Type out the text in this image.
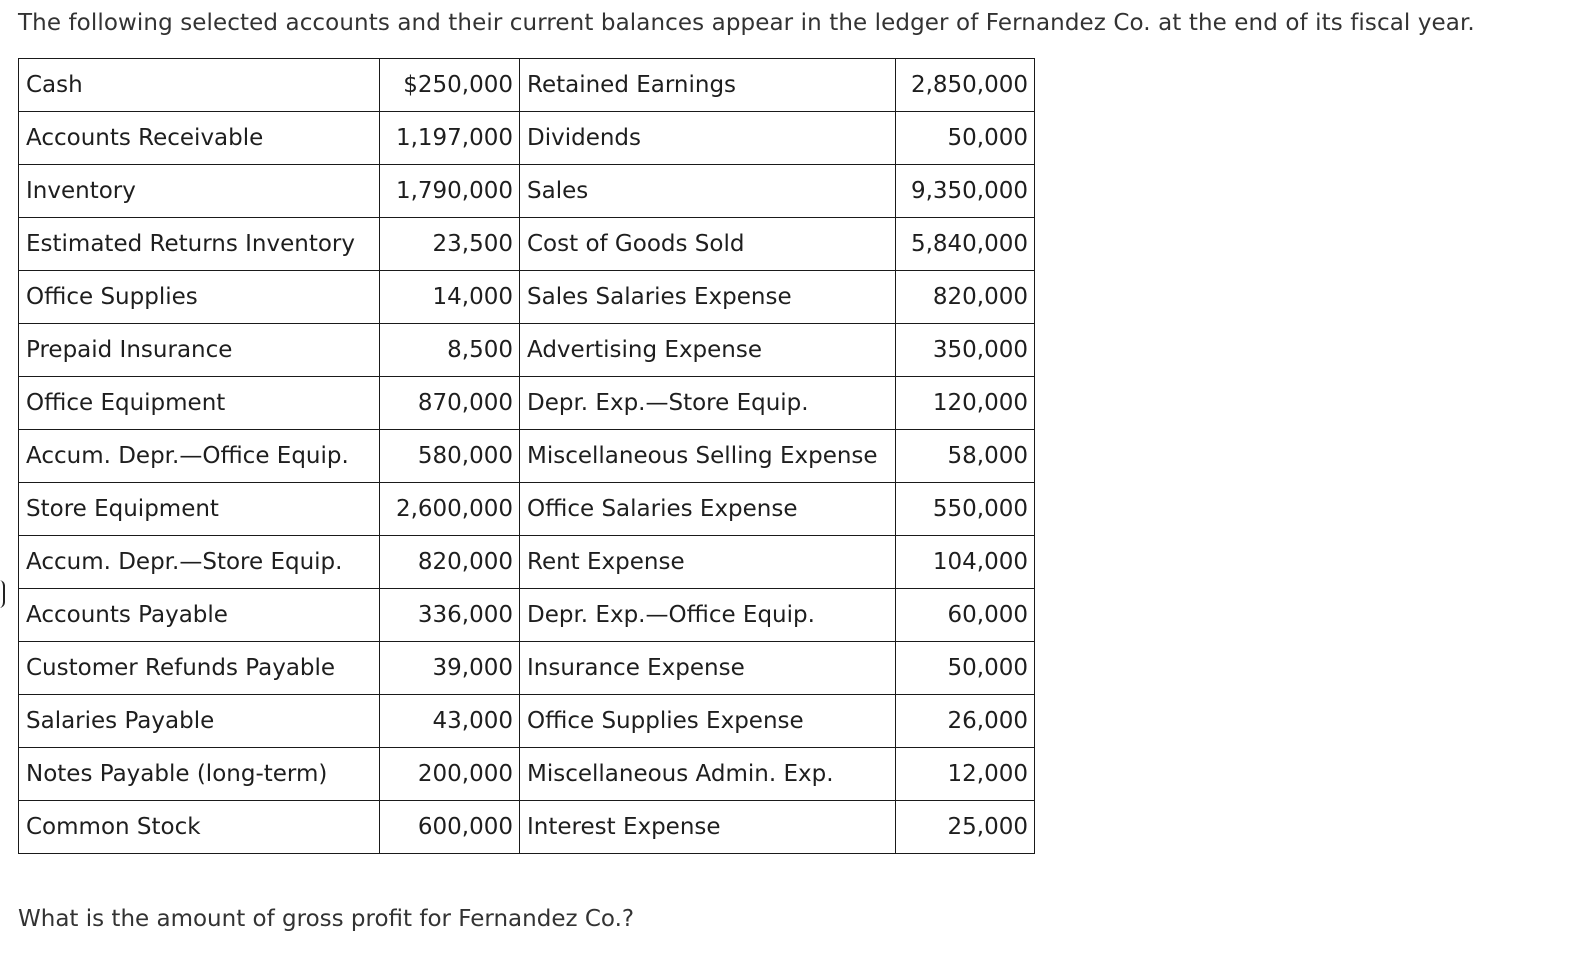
The following selected accounts and their current balances appear in the ledger of Fernandez Co. at the end of its fiscal year.
Cash	$250,000	Retained Earnings	2,850,000
Accounts Receivable	1,197,000	Dividends	50,000
Inventory	1,790,000	Sales	9,350,000
Estimated Returns Inventory	23,500	Cost of Goods Sold	5,840,000
Office Supplies	14,000	Sales Salaries Expense	820,000
Prepaid Insurance	8,500	Advertising Expense	350,000
Office Equipment	870,000	Depr. Exp.—Store Equip.	120,000
Accum. Depr.—Office Equip.	580,000	Miscellaneous Selling Expense	58,000
Store Equipment	2,600,000	Office Salaries Expense	550,000
Accum. Depr.—Store Equip.	820,000	Rent Expense	104,000
Accounts Payable	336,000	Depr. Exp.—Office Equip.	60,000
Customer Refunds Payable	39,000	Insurance Expense	50,000
Salaries Payable	43,000	Office Supplies Expense	26,000
Notes Payable (long-term)	200,000	Miscellaneous Admin. Exp.	12,000
Common Stock	600,000	Interest Expense	25,000
What is the amount of gross profit for Fernandez Co.?
